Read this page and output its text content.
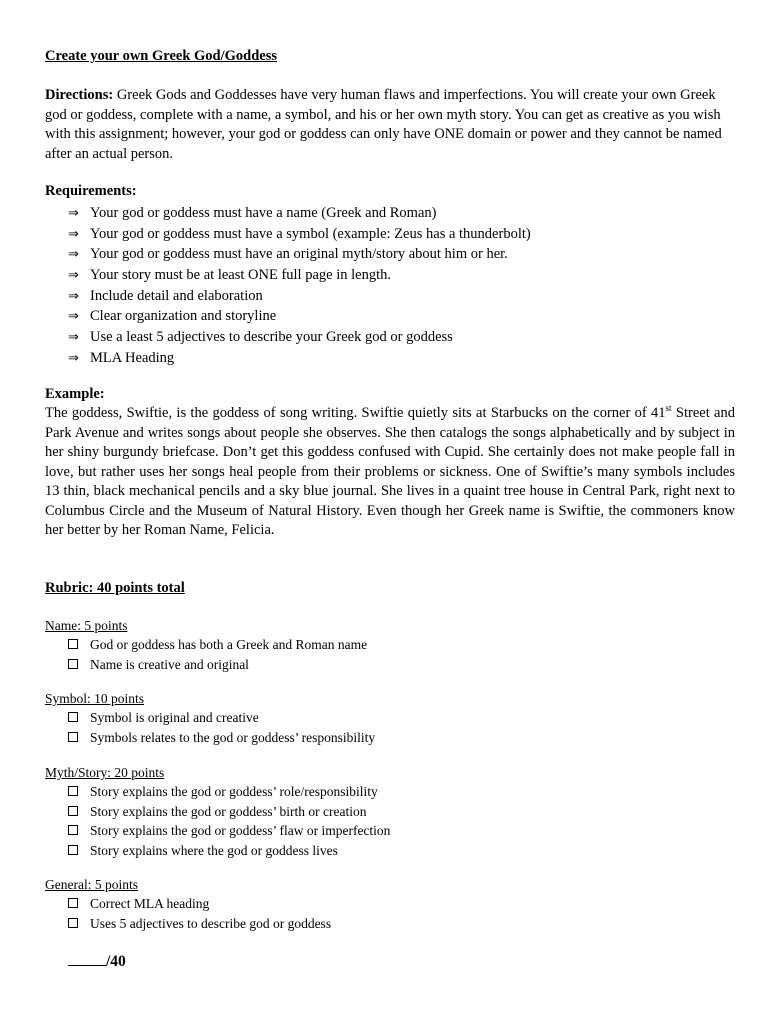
Create your own Greek God/Goddess
Directions: Greek Gods and Goddesses have very human flaws and imperfections. You will create your own Greek god or goddess, complete with a name, a symbol, and his or her own myth story. You can get as creative as you wish with this assignment; however, your god or goddess can only have ONE domain or power and they cannot be named after an actual person.
Requirements:
⇒ Your god or goddess must have a name (Greek and Roman)
⇒ Your god or goddess must have a symbol (example: Zeus has a thunderbolt)
⇒ Your god or goddess must have an original myth/story about him or her.
⇒ Your story must be at least ONE full page in length.
⇒ Include detail and elaboration
⇒ Clear organization and storyline
⇒ Use a least 5 adjectives to describe your Greek god or goddess
⇒ MLA Heading
Example:
The goddess, Swiftie, is the goddess of song writing. Swiftie quietly sits at Starbucks on the corner of 41st Street and Park Avenue and writes songs about people she observes. She then catalogs the songs alphabetically and by subject in her shiny burgundy briefcase. Don’t get this goddess confused with Cupid. She certainly does not make people fall in love, but rather uses her songs heal people from their problems or sickness. One of Swiftie’s many symbols includes 13 thin, black mechanical pencils and a sky blue journal. She lives in a quaint tree house in Central Park, right next to Columbus Circle and the Museum of Natural History. Even though her Greek name is Swiftie, the commoners know her better by her Roman Name, Felicia.
Rubric: 40 points total
Name: 5 points
God or goddess has both a Greek and Roman name
Name is creative and original
Symbol: 10 points
Symbol is original and creative
Symbols relates to the god or goddess’ responsibility
Myth/Story: 20 points
Story explains the god or goddess’ role/responsibility
Story explains the god or goddess’ birth or creation
Story explains the god or goddess’ flaw or imperfection
Story explains where the god or goddess lives
General: 5 points
Correct MLA heading
Uses 5 adjectives to describe god or goddess
/40
